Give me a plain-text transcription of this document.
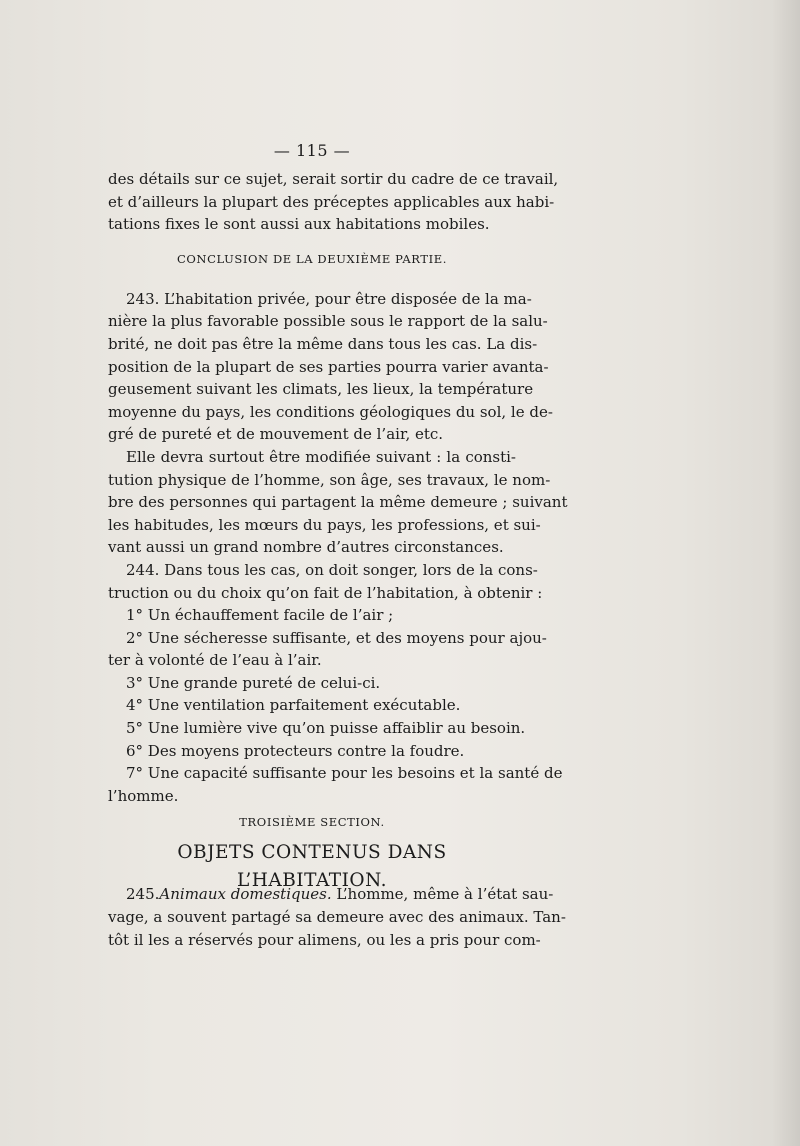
— 115 —
des détails sur ce sujet, serait sortir du cadre de ce travail,
et d’ailleurs la plupart des préceptes applicables aux habi-
tations fixes le sont aussi aux habitations mobiles.
CONCLUSION DE LA DEUXIÈME PARTIE.
243. L’habitation privée, pour être disposée de la ma-
nière la plus favorable possible sous le rapport de la salu-
brité, ne doit pas être la même dans tous les cas. La dis-
position de la plupart de ses parties pourra varier avanta-
geusement suivant les climats, les lieux, la température
moyenne du pays, les conditions géologiques du sol, le de-
gré de pureté et de mouvement de l’air, etc.
Elle devra surtout être modifiée suivant : la consti-
tution physique de l’homme, son âge, ses travaux, le nom-
bre des personnes qui partagent la même demeure ; suivant
les habitudes, les mœurs du pays, les professions, et sui-
vant aussi un grand nombre d’autres circonstances.
244. Dans tous les cas, on doit songer, lors de la cons-
truction ou du choix qu’on fait de l’habitation, à obtenir :
1° Un échauffement facile de l’air ;
2° Une sécheresse suffisante, et des moyens pour ajou-
ter à volonté de l’eau à l’air.
3° Une grande pureté de celui-ci.
4° Une ventilation parfaitement exécutable.
5° Une lumière vive qu’on puisse affaiblir au besoin.
6° Des moyens protecteurs contre la foudre.
7° Une capacité suffisante pour les besoins et la santé de
l’homme.
TROISIÈME SECTION.
OBJETS CONTENUS DANS L’HABITATION.
245.Animaux domestiques. L’homme, même à l’état sau-
vage, a souvent partagé sa demeure avec des animaux. Tan-
tôt il les a réservés pour alimens, ou les a pris pour com-
